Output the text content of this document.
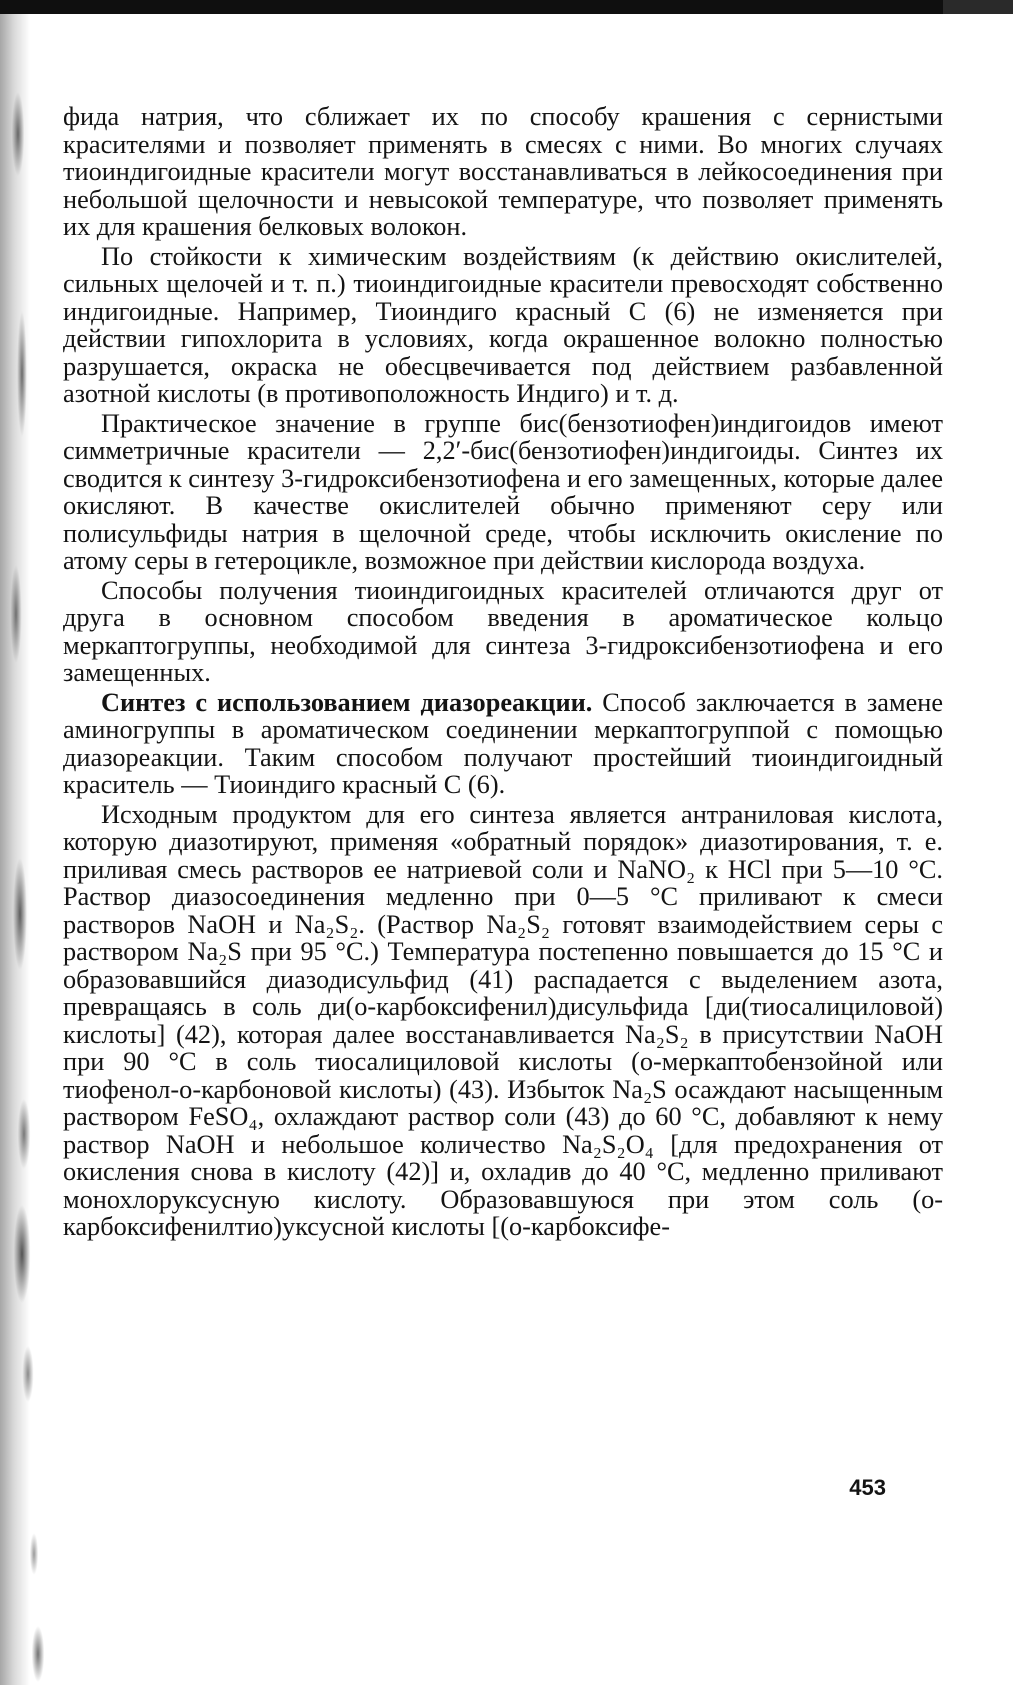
фида натрия, что сближает их по способу крашения с сернистыми красителями и позволяет применять в смесях с ними. Во многих случаях тиоиндигоидные красители могут восстанавливаться в лейкосоединения при небольшой щелочности и невысокой температуре, что позволяет применять их для крашения белковых волокон.

По стойкости к химическим воздействиям (к действию окислителей, сильных щелочей и т. п.) тиоиндигоидные красители превосходят собственно индигоидные. Например, Тиоиндиго красный С (6) не изменяется при действии гипохлорита в условиях, когда окрашенное волокно полностью разрушается, окраска не обесцвечивается под действием разбавленной азотной кислоты (в противоположность Индиго) и т. д.

Практическое значение в группе бис(бензотиофен)индигоидов имеют симметричные красители — 2,2′-бис(бензотиофен)индигоиды. Синтез их сводится к синтезу 3-гидроксибензотиофена и его замещенных, которые далее окисляют. В качестве окислителей обычно применяют серу или полисульфиды натрия в щелочной среде, чтобы исключить окисление по атому серы в гетероцикле, возможное при действии кислорода воздуха.

Способы получения тиоиндигоидных красителей отличаются друг от друга в основном способом введения в ароматическое кольцо меркаптогруппы, необходимой для синтеза 3-гидроксибензотиофена и его замещенных.

Синтез с использованием диазореакции. Способ заключается в замене аминогруппы в ароматическом соединении меркаптогруппой с помощью диазореакции. Таким способом получают простейший тиоиндигоидный краситель — Тиоиндиго красный С (6).

Исходным продуктом для его синтеза является антраниловая кислота, которую диазотируют, применяя «обратный порядок» диазотирования, т. е. приливая смесь растворов ее натриевой соли и NaNO₂ к HCl при 5—10 °C. Раствор диазосоединения медленно при 0—5 °C приливают к смеси растворов NaOH и Na₂S₂. (Раствор Na₂S₂ готовят взаимодействием серы с раствором Na₂S при 95 °C.) Температура постепенно повышается до 15 °C и образовавшийся диазодисульфид (41) распадается с выделением азота, превращаясь в соль ди(о-карбоксифенил)дисульфида [ди(тиосалициловой) кислоты] (42), которая далее восстанавливается Na₂S₂ в присутствии NaOH при 90 °C в соль тиосалициловой кислоты (о-меркаптобензойной или тиофенол-о-карбоновой кислоты) (43). Избыток Na₂S осаждают насыщенным раствором FeSO₄, охлаждают раствор соли (43) до 60 °C, добавляют к нему раствор NaOH и небольшое количество Na₂S₂O₄ [для предохранения от окисления снова в кислоту (42)] и, охладив до 40 °C, медленно приливают монохлоруксусную кислоту. Образовавшуюся при этом соль (о-карбоксифенилтио)уксусной кислоты [(о-карбоксифе-

453
